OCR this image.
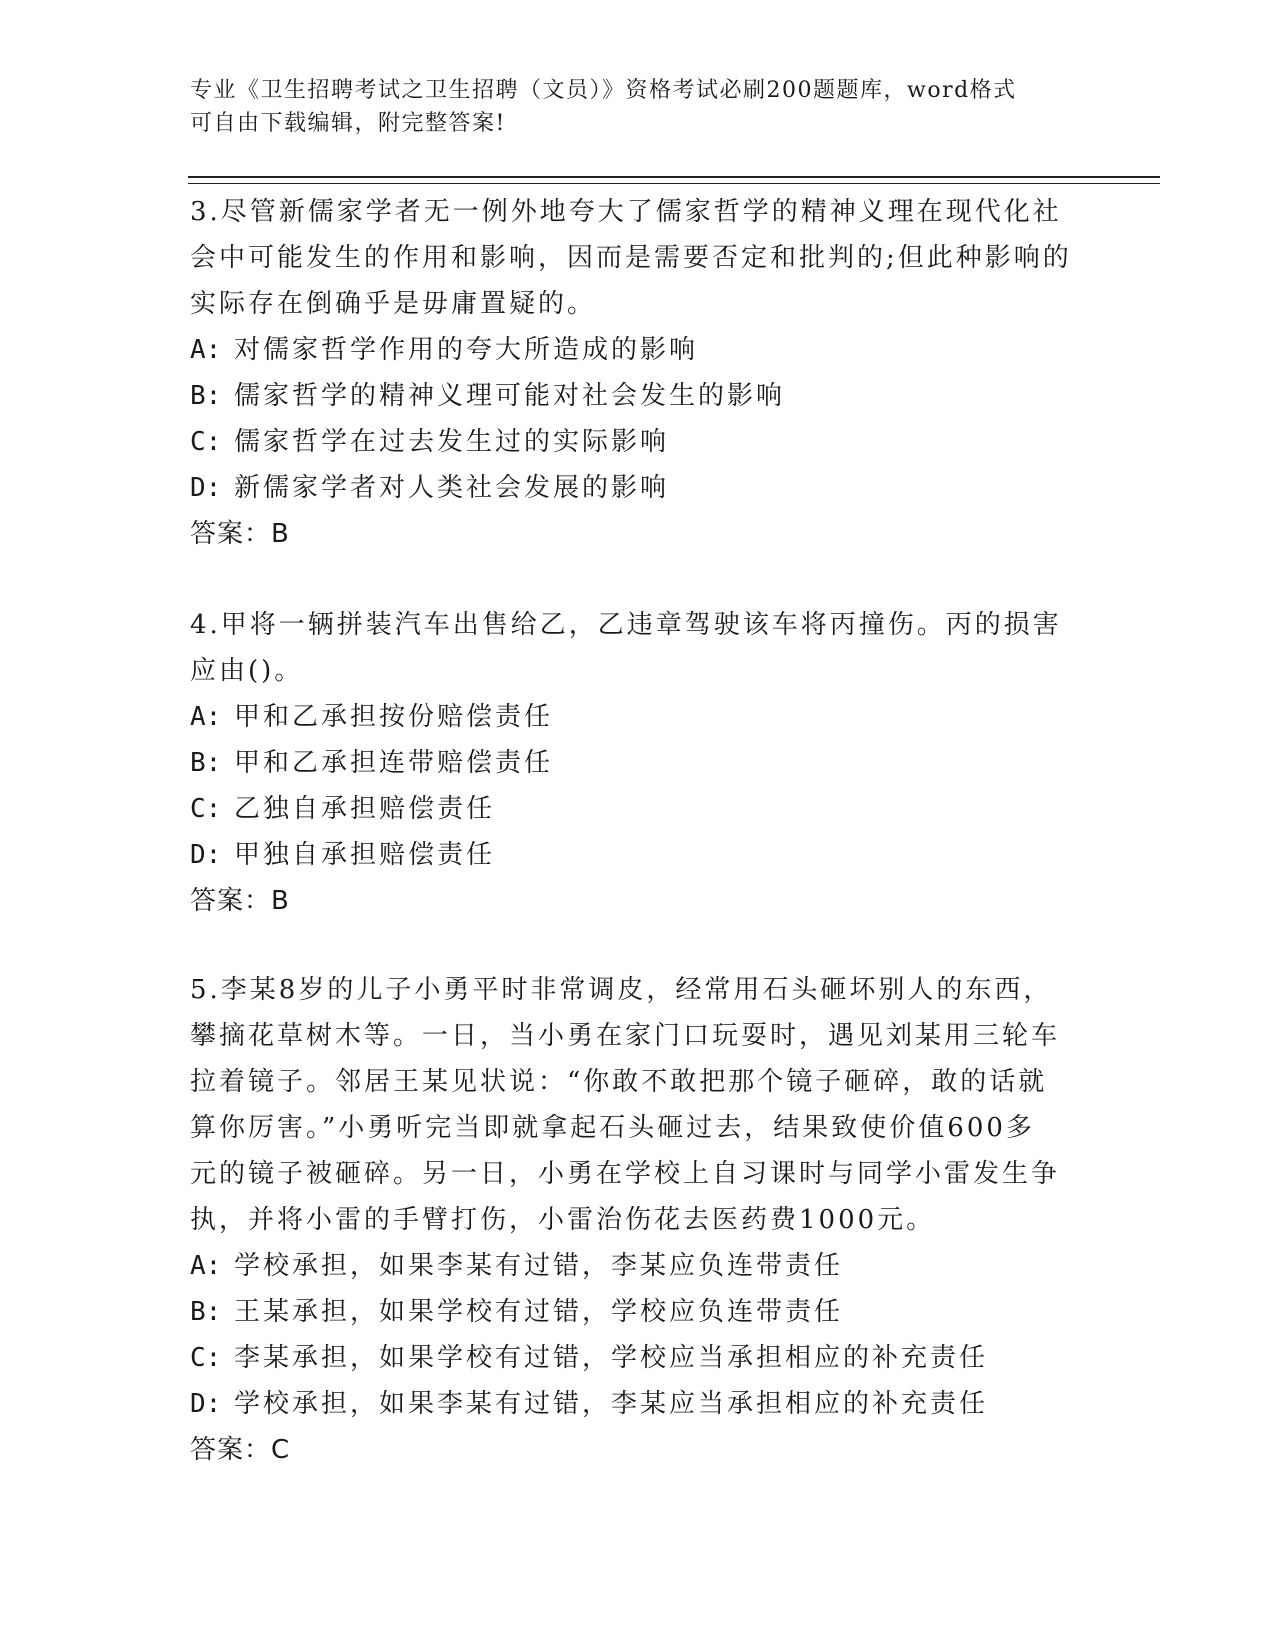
专业《卫生招聘考试之卫生招聘（文员）》资格考试必刷200题题库，word格式
可自由下载编辑，附完整答案!

3.尽管新儒家学者无一例外地夸大了儒家哲学的精神义理在现代化社
会中可能发生的作用和影响，因而是需要否定和批判的;但此种影响的
实际存在倒确乎是毋庸置疑的。

A: 对儒家哲学作用的夸大所造成的影响

B: 儒家哲学的精神义理可能对社会发生的影响

C: 儒家哲学在过去发生过的实际影响

D: 新儒家学者对人类社会发展的影响

答案：B

4.甲将一辆拼装汽车出售给乙，乙违章驾驶该车将丙撞伤。丙的损害
应由()。

A: 甲和乙承担按份赔偿责任

B: 甲和乙承担连带赔偿责任

C: 乙独自承担赔偿责任

D: 甲独自承担赔偿责任

答案：B

5.李某8岁的儿子小勇平时非常调皮，经常用石头砸坏别人的东西，
攀摘花草树木等。一日，当小勇在家门口玩耍时，遇见刘某用三轮车
拉着镜子。邻居王某见状说：“你敢不敢把那个镜子砸碎，敢的话就
算你厉害。”小勇听完当即就拿起石头砸过去，结果致使价值600多
元的镜子被砸碎。另一日，小勇在学校上自习课时与同学小雷发生争
执，并将小雷的手臂打伤，小雷治伤花去医药费1000元。

A: 学校承担，如果李某有过错，李某应负连带责任

B: 王某承担，如果学校有过错，学校应负连带责任

C: 李某承担，如果学校有过错，学校应当承担相应的补充责任

D: 学校承担，如果李某有过错，李某应当承担相应的补充责任

答案：C
